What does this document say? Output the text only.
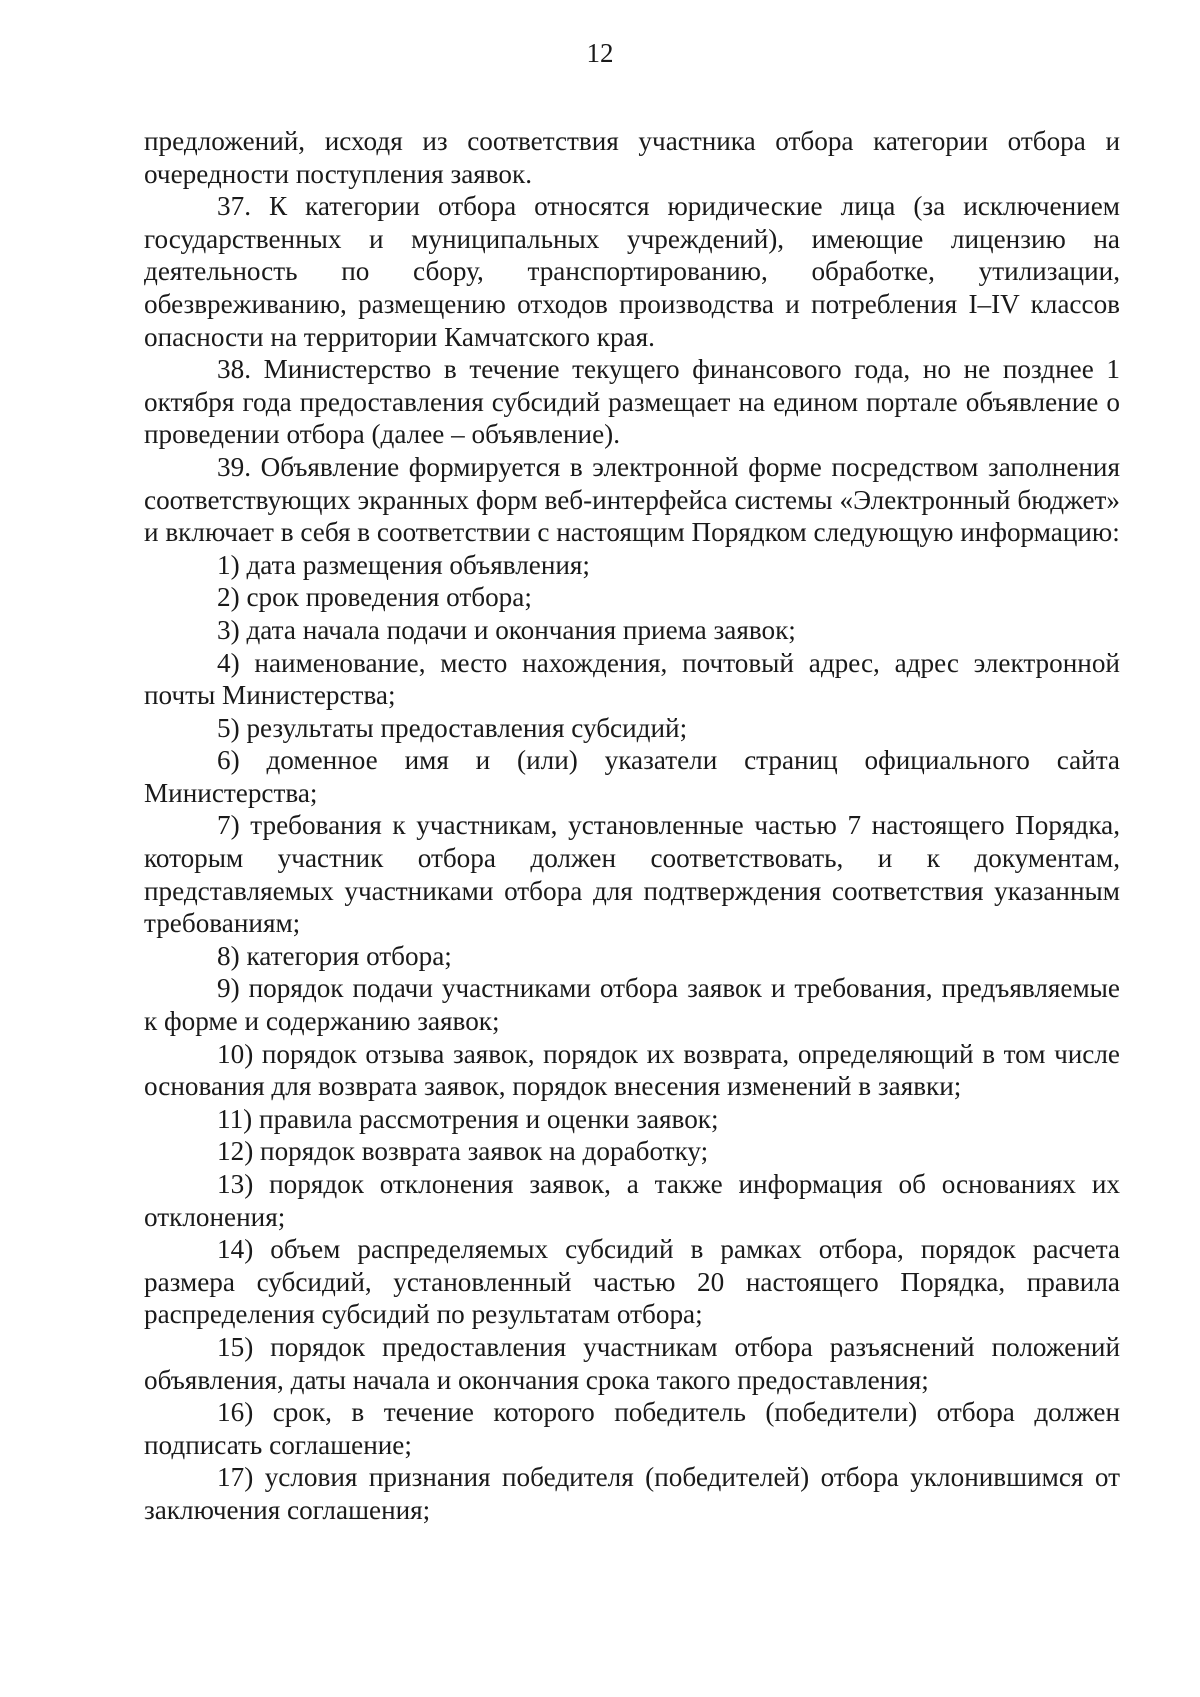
12

предложений, исходя из соответствия участника отбора категории отбора и очередности поступления заявок.

37. К категории отбора относятся юридические лица (за исключением государственных и муниципальных учреждений), имеющие лицензию на деятельность по сбору, транспортированию, обработке, утилизации, обезвреживанию, размещению отходов производства и потребления I–IV классов опасности на территории Камчатского края.

38. Министерство в течение текущего финансового года, но не позднее 1 октября года предоставления субсидий размещает на едином портале объявление о проведении отбора (далее – объявление).

39. Объявление формируется в электронной форме посредством заполнения соответствующих экранных форм веб-интерфейса системы «Электронный бюджет» и включает в себя в соответствии с настоящим Порядком следующую информацию:

1) дата размещения объявления;

2) срок проведения отбора;

3) дата начала подачи и окончания приема заявок;

4) наименование, место нахождения, почтовый адрес, адрес электронной почты Министерства;

5) результаты предоставления субсидий;

6) доменное имя и (или) указатели страниц официального сайта Министерства;

7) требования к участникам, установленные частью 7 настоящего Порядка, которым участник отбора должен соответствовать, и к документам, представляемых участниками отбора для подтверждения соответствия указанным требованиям;

8) категория отбора;

9) порядок подачи участниками отбора заявок и требования, предъявляемые к форме и содержанию заявок;

10) порядок отзыва заявок, порядок их возврата, определяющий в том числе основания для возврата заявок, порядок внесения изменений в заявки;

11) правила рассмотрения и оценки заявок;

12) порядок возврата заявок на доработку;

13) порядок отклонения заявок, а также информация об основаниях их отклонения;

14) объем распределяемых субсидий в рамках отбора, порядок расчета размера субсидий, установленный частью 20 настоящего Порядка, правила распределения субсидий по результатам отбора;

15) порядок предоставления участникам отбора разъяснений положений объявления, даты начала и окончания срока такого предоставления;

16) срок, в течение которого победитель (победители) отбора должен подписать соглашение;

17) условия признания победителя (победителей) отбора уклонившимся от заключения соглашения;
